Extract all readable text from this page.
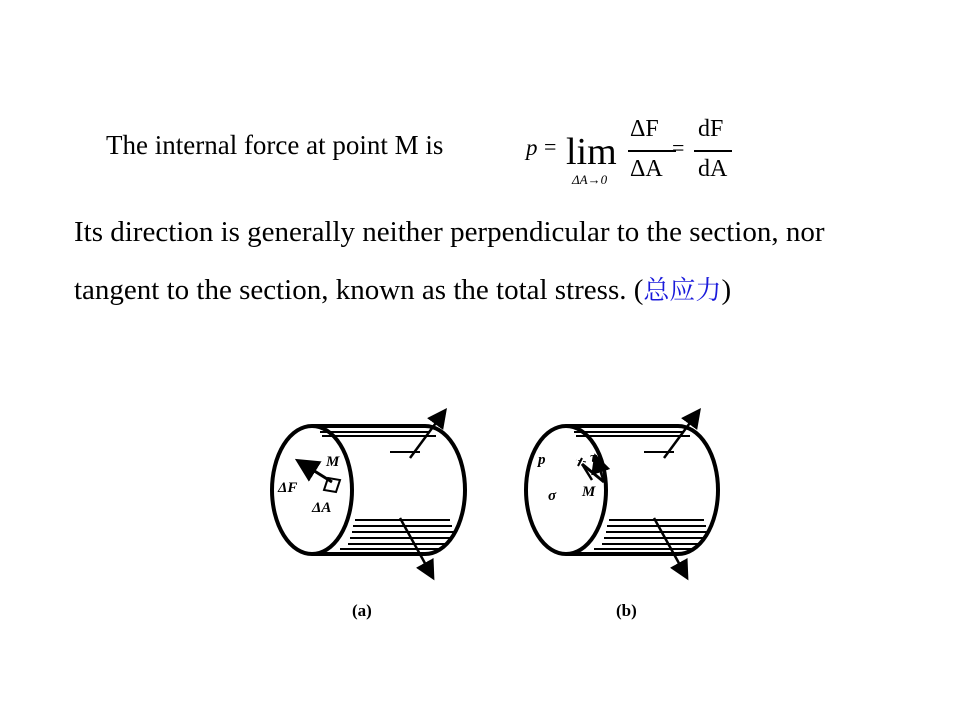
The internal force at point M is	p = lim
ΔA→0
ΔF
ΔA
=
dF
dA
Its direction is generally neither perpendicular to the section, nor tangent to the section, known as the total stress. (总应力)
M
ΔF
ΔA
(a)
p	τ
σ M
(b)
